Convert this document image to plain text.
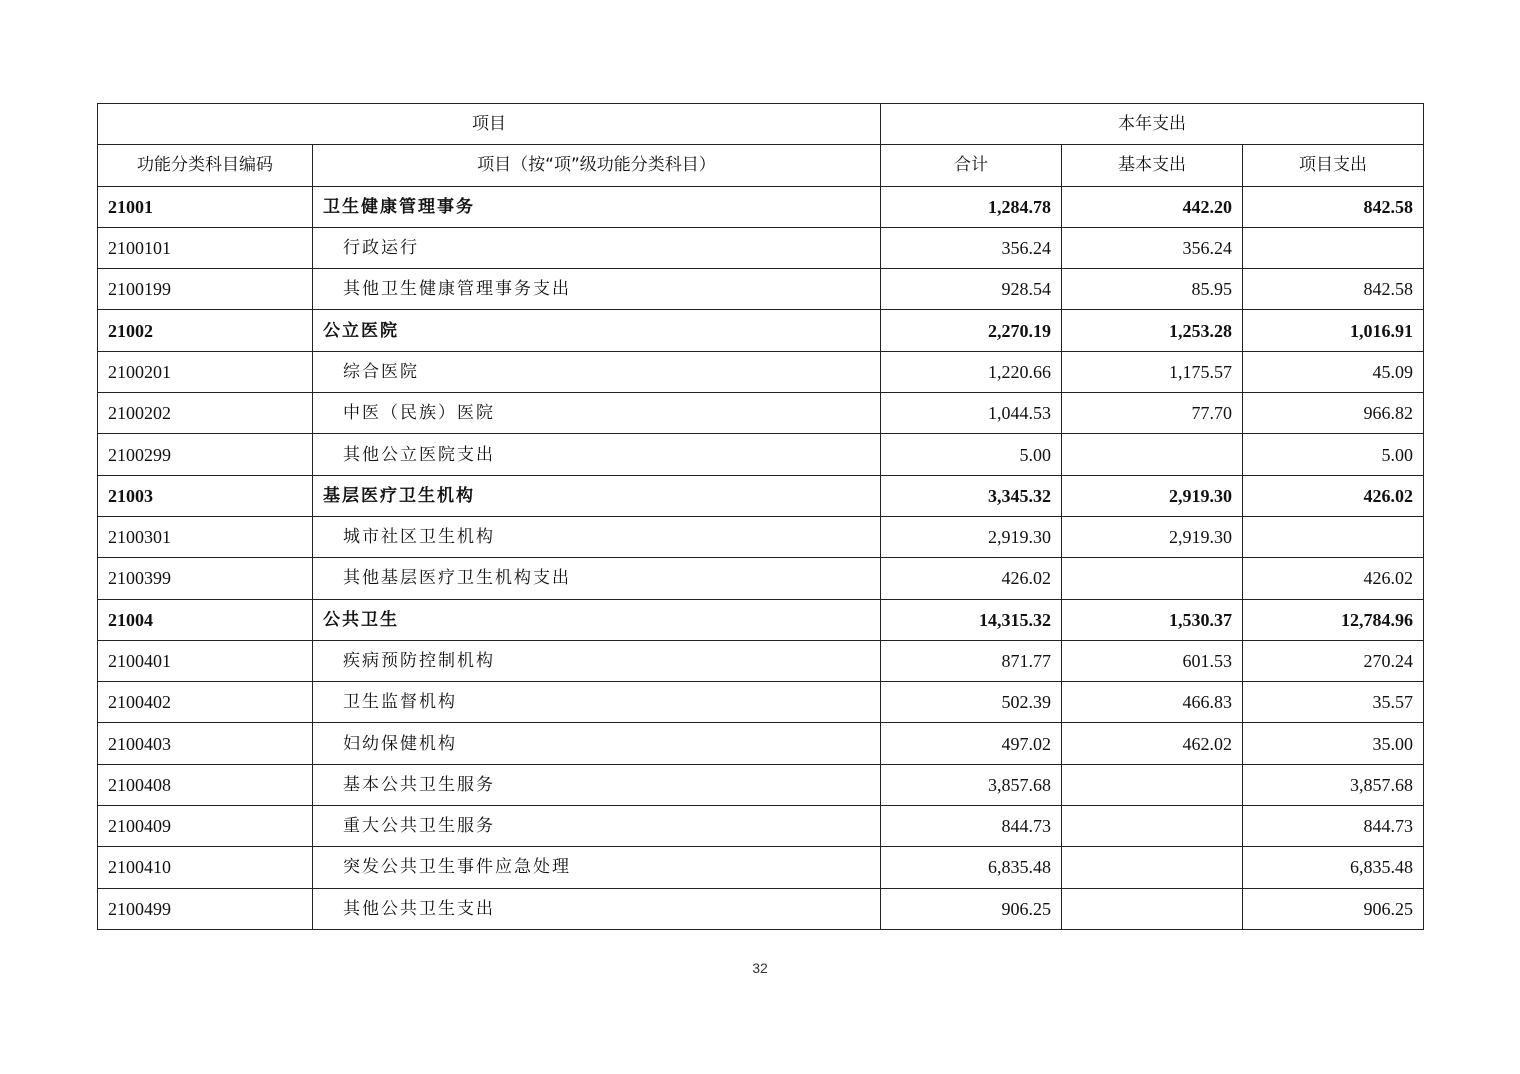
项目		本年支出		
功能分类科目编码	项目（按“项”级功能分类科目）	合计	基本支出	项目支出
21001	卫生健康管理事务	1,284.78	442.20	842.58
2100101	行政运行	356.24	356.24	
2100199	其他卫生健康管理事务支出	928.54	85.95	842.58
21002	公立医院	2,270.19	1,253.28	1,016.91
2100201	综合医院	1,220.66	1,175.57	45.09
2100202	中医（民族）医院	1,044.53	77.70	966.82
2100299	其他公立医院支出	5.00		5.00
21003	基层医疗卫生机构	3,345.32	2,919.30	426.02
2100301	城市社区卫生机构	2,919.30	2,919.30	
2100399	其他基层医疗卫生机构支出	426.02		426.02
21004	公共卫生	14,315.32	1,530.37	12,784.96
2100401	疾病预防控制机构	871.77	601.53	270.24
2100402	卫生监督机构	502.39	466.83	35.57
2100403	妇幼保健机构	497.02	462.02	35.00
2100408	基本公共卫生服务	3,857.68		3,857.68
2100409	重大公共卫生服务	844.73		844.73
2100410	突发公共卫生事件应急处理	6,835.48		6,835.48
2100499	其他公共卫生支出	906.25		906.25
32
